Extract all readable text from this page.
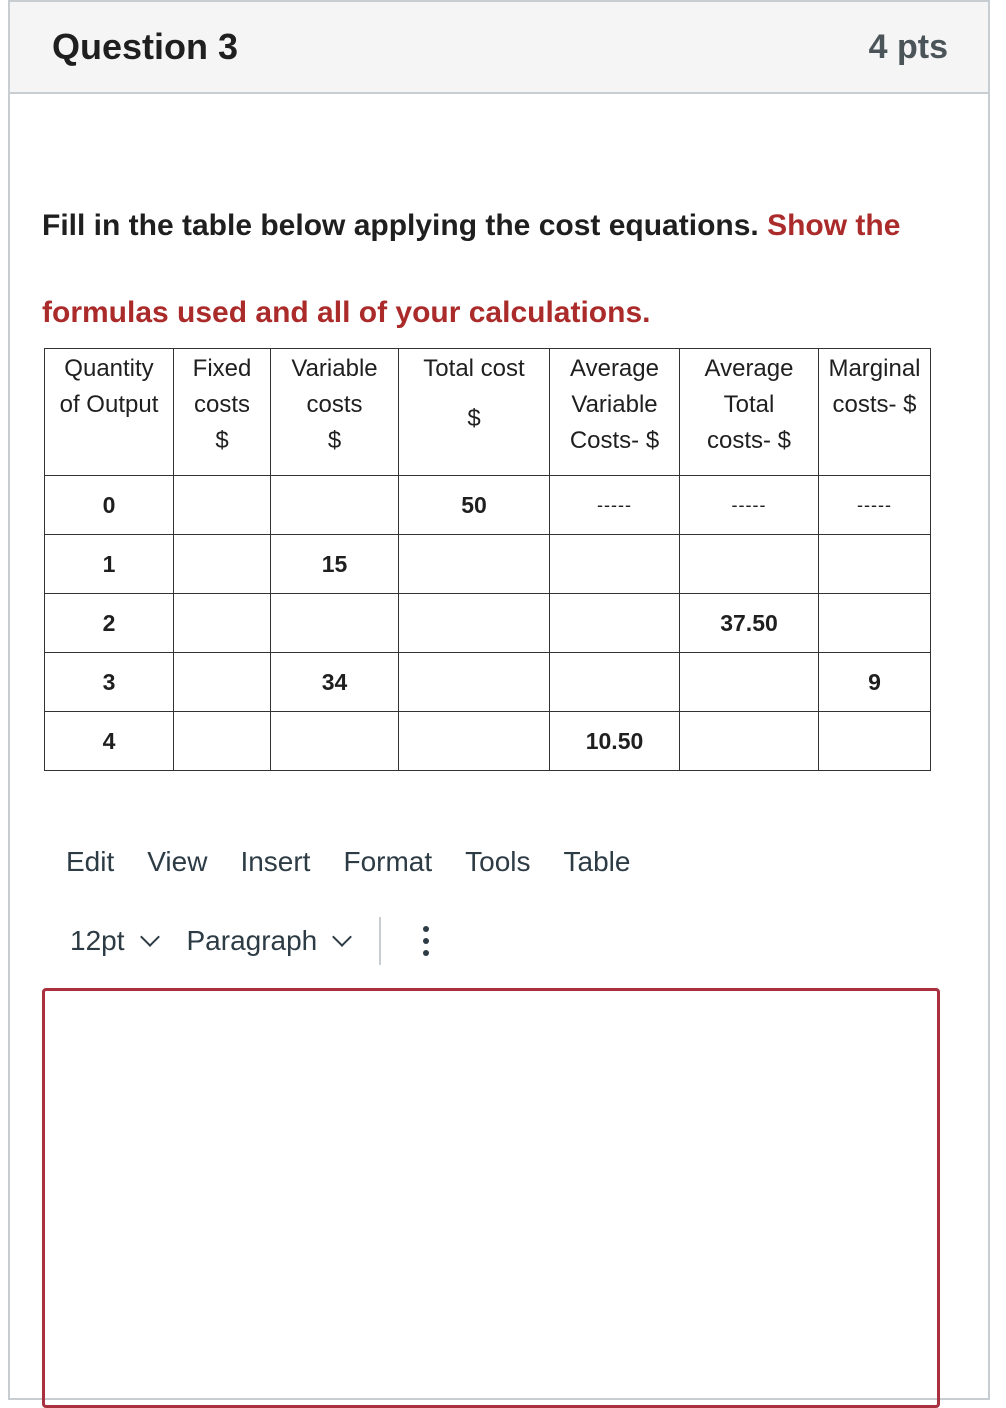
Question 3	4 pts
Fill in the table below applying the cost equations. Show the
formulas used and all of your calculations.
Quantity
of Output	Fixed
costs
$	Variable
costs
$	Total cost
$	Average
Variable
Costs- $	Average
Total
costs- $	Marginal
costs- $
0			50	-----	-----	-----
1		15				
2					37.50	
3		34				9
4				10.50		
Edit View Insert Format Tools Table
12pt Paragraph
